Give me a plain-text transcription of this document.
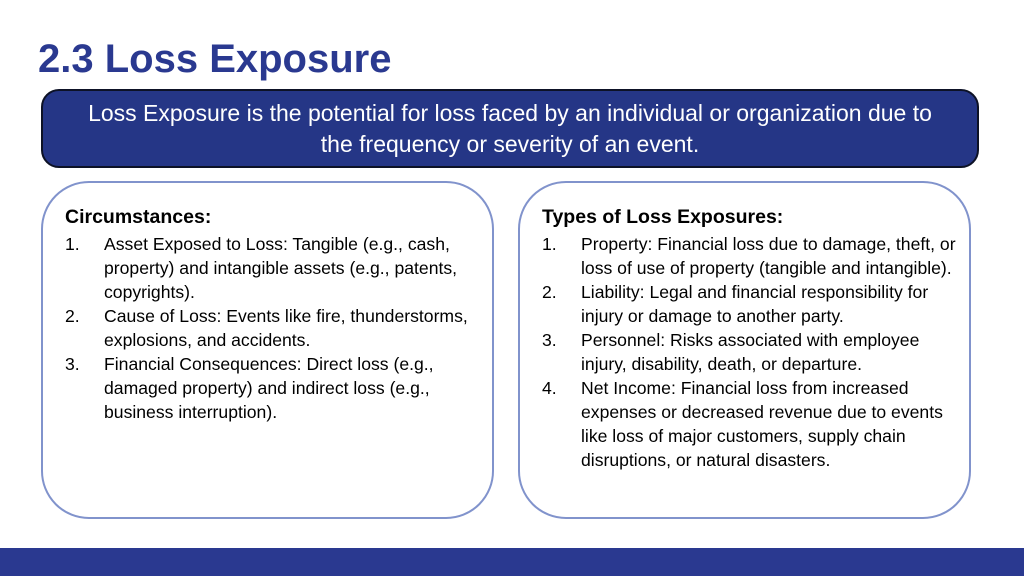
2.3 Loss Exposure
Loss Exposure is the potential for loss faced by an individual or organization due to the frequency or severity of an event.
Circumstances:
1.	Asset Exposed to Loss: Tangible (e.g., cash, property) and intangible assets (e.g., patents, copyrights).
2.	Cause of Loss: Events like fire, thunderstorms, explosions, and accidents.
3.	Financial Consequences: Direct loss (e.g., damaged property) and indirect loss (e.g., business interruption).
Types of Loss Exposures:
1.	Property: Financial loss due to damage, theft, or loss of use of property (tangible and intangible).
2.	Liability: Legal and financial responsibility for injury or damage to another party.
3.	Personnel: Risks associated with employee injury, disability, death, or departure.
4.	Net Income: Financial loss from increased expenses or decreased revenue due to events like loss of major customers, supply chain disruptions, or natural disasters.
